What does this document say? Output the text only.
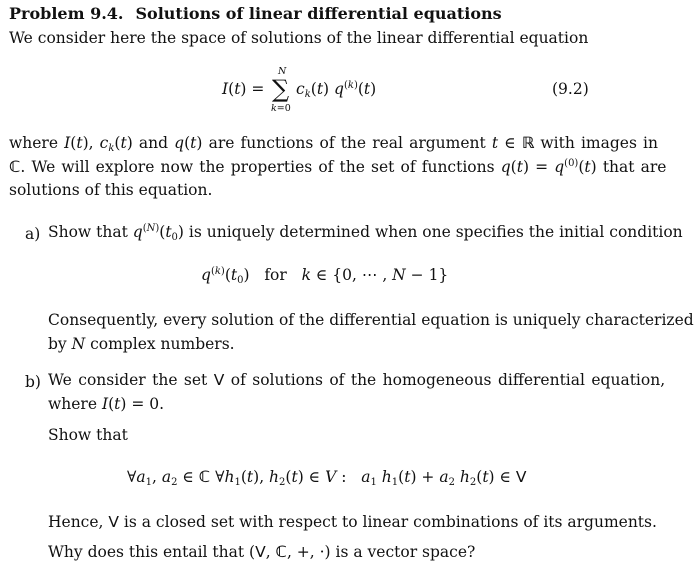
Problem 9.4. Solutions of linear differential equations
We consider here the space of solutions of the linear differential equation
I(t) =
N
∑
k=0
$c_k(t)$ $q^{(k)}(t)$	(9.2)
where I(t), $c_k(t)$ and q(t) are functions of the real argument t ∈ ℝ with images in
ℂ. We will explore now the properties of the set of functions $q(t) = q^{(0)}(t)$ that are
solutions of this equation.
a) Show that $q^{(N)}(t_0)$ is uniquely determined when one specifies the initial condition
$q^{(k)}(t_0)$   for   k ∈ {0, ⋯ , N − 1}
Consequently, every solution of the differential equation is uniquely characterized
by N complex numbers.
b) We consider the set V of solutions of the homogeneous differential equation,
where I(t) = 0.
Show that
$\forall a_1$, $a_2$ ∈ ℂ $\forall h_1(t)$, $h_2(t)$ ∈ V :   $a_1$ $h_1(t) + a_2$ $h_2(t)$ ∈ V
Hence, V is a closed set with respect to linear combinations of its arguments.
Why does this entail that (V, ℂ, +, ·) is a vector space?
